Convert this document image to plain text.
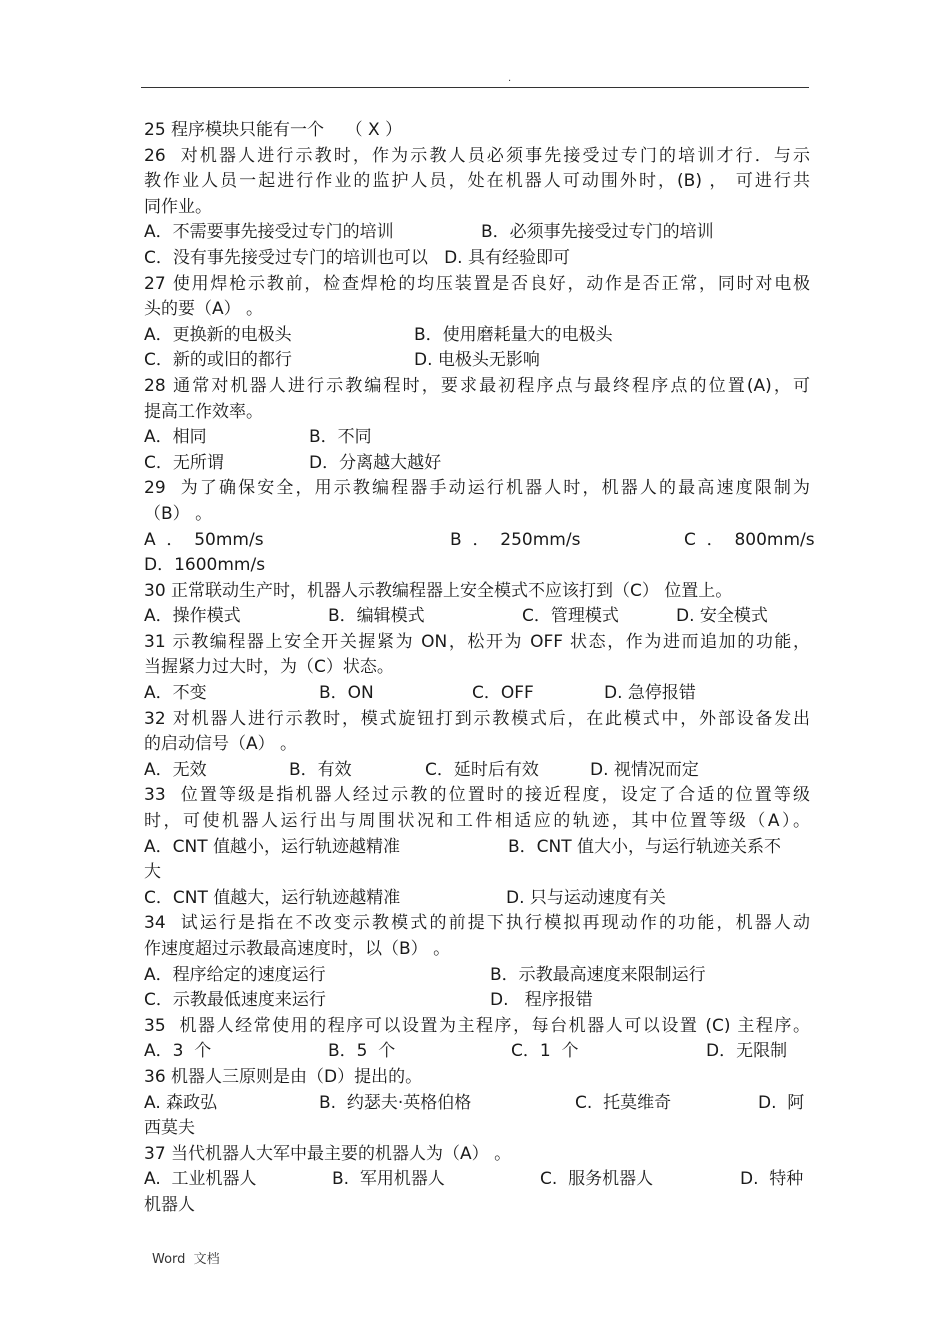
.
25 程序模块只能有一个    （ X ）
26  对机器人进行示教时，作为示教人员必须事先接受过专门的培训才行．与示
教作业人员一起进行作业的监护人员，处在机器人可动围外时，(B) ， 可进行共
同作业。
A．不需要事先接受过专门的培训	B．必须事先接受过专门的培训
C．没有事先接受过专门的培训也可以   D. 具有经验即可
27 使用焊枪示教前，检查焊枪的均压装置是否良好，动作是否正常，同时对电极
头的要（A） 。
A．更换新的电极头	B．使用磨耗量大的电极头
C．新的或旧的都行	D. 电极头无影响
28 通常对机器人进行示教编程时，要求最初程序点与最终程序点的位置(A)，可
提高工作效率。
A．相同	B．不同
C．无所谓	D．分离越大越好
29  为了确保安全，用示教编程器手动运行机器人时，机器人的最高速度限制为
（B） 。
A  ．  50mm/s	B  ．  250mm/s	C  ．  800mm/s
D．1600mm/s
30 正常联动生产时，机器人示教编程器上安全模式不应该打到（C） 位置上。
A．操作模式	B．编辑模式	C．管理模式	D. 安全模式
31 示教编程器上安全开关握紧为 ON，松开为 OFF 状态，作为进而追加的功能，
当握紧力过大时，为（C）状态。
A．不变	B．ON	C．OFF	D. 急停报错
32 对机器人进行示教时，模式旋钮打到示教模式后，在此模式中，外部设备发出
的启动信号（A） 。
A．无效	B．有效	C．延时后有效	D. 视情况而定
33  位置等级是指机器人经过示教的位置时的接近程度，设定了合适的位置等级
时，可使机器人运行出与周围状况和工件相适应的轨迹，其中位置等级（A）。
A．CNT 值越小，运行轨迹越精准	B．CNT 值大小，与运行轨迹关系不
大
C．CNT 值越大，运行轨迹越精准	D. 只与运动速度有关
34  试运行是指在不改变示教模式的前提下执行模拟再现动作的功能，机器人动
作速度超过示教最高速度时，以（B） 。
A．程序给定的速度运行	B．示教最高速度来限制运行
C．示教最低速度来运行	D.   程序报错
35  机器人经常使用的程序可以设置为主程序，每台机器人可以设置 (C) 主程序。
A．3  个	B．5  个	C．1  个	D．无限制
36 机器人三原则是由（D）提出的。
A. 森政弘	B.  约瑟夫·英格伯格	C.  托莫维奇	D.  阿
西莫夫
37 当代机器人大军中最主要的机器人为（A） 。
A.  工业机器人	B.  军用机器人	C.  服务机器人	D.  特种
机器人
Word  文档
